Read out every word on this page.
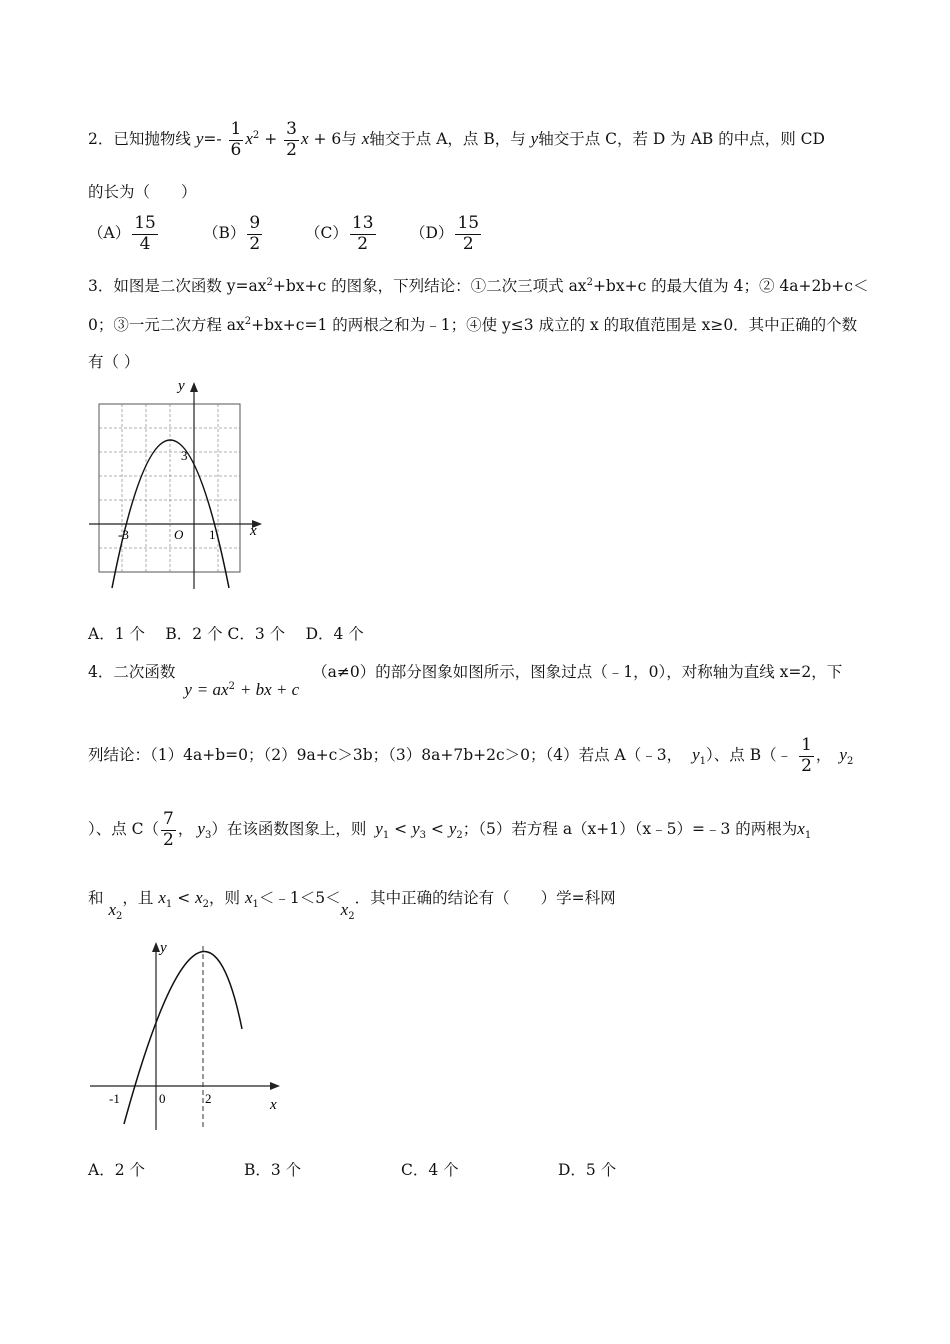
2．已知抛物线 $y=- \frac{1}{6} x^2 + \frac{3}{2}$ x + 6与 x轴交于点 A，点 B，与 y轴交于点 C，若 D 为 AB 的中点，则 CD
的长为（　　）
$(A) \frac{15}{4}$	$(B) \frac{9}{2}$	$(C) \frac{13}{2} (D) \frac{15}{2}$
3．如图是二次函数 $y=ax^2+bx+c$ 的图象，下列结论：①二次三项式 $ax^2+bx+c$ 的最大值为 4；② 4a+2b+c＜
0；③一元二次方程 $ax^2+bx+c=1$ 的两根之和为﹣1；④使 y≤3 成立的 x 的取值范围是 x≥0．其中正确的个数
有（ ）
y
x
O
3
-3	1
A．1 个　 B．2 个 C．3 个　 D．4 个
4．二次函数 $y = ax^2$ + bx + c （a≠0）的部分图象如图所示，图象过点（﹣1，0），对称轴为直线 x=2，下
列结论：（1）4a+b=0；（2）9a+c＞3b；（3）8a+7b+2c＞0；（4）若点 A（﹣3， $y_1$）、点 B（﹣ $\frac{1}{2}$ ， $y_2$
）、点 $C( \frac{7}{2}$ ， $y_3$）在该函数图象上，则 $y_1 < y_3 < y_2$；（5）若方程 a（x+1）（x﹣5）=﹣3 的两根为$x_1$
和 $x_2$，且 $x_1 < x_2$，则 $x_1<﹣1<5<x_2$．其中正确的结论有（　　）学=科网
y
x
0
-1	2
A．2 个	B．3 个	C．4 个	D．5 个
